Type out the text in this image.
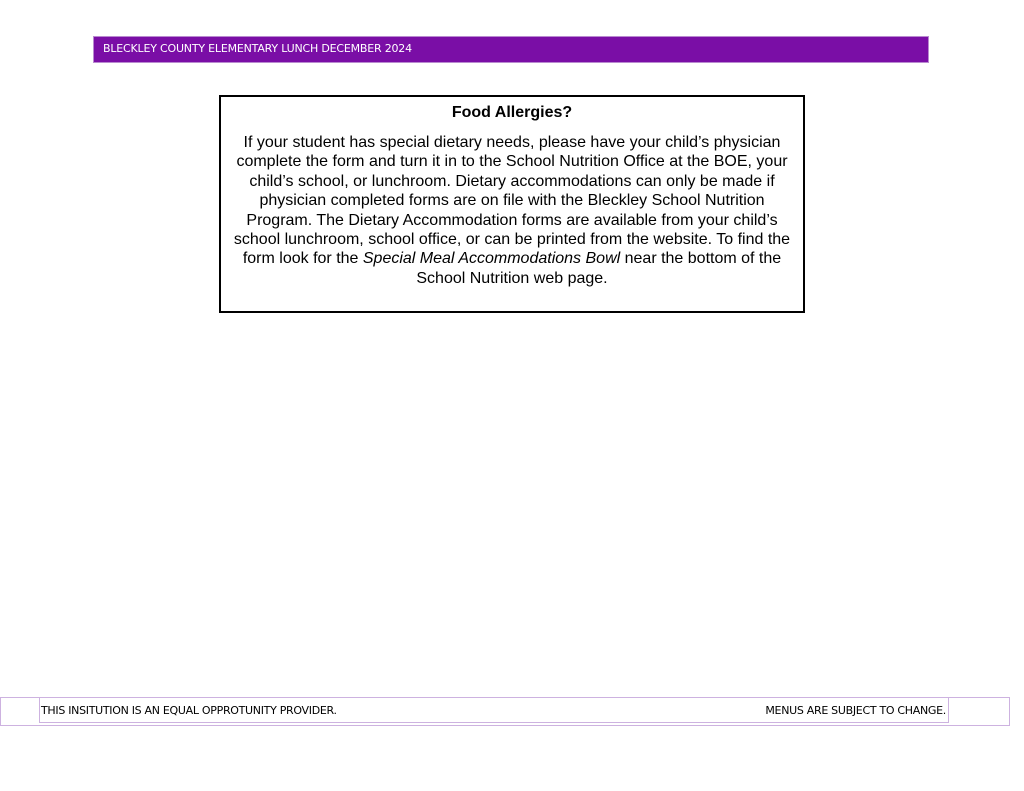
BLECKLEY COUNTY ELEMENTARY LUNCH DECEMBER 2024
Food Allergies?

If your student has special dietary needs, please have your child’s physician complete the form and turn it in to the School Nutrition Office at the BOE, your child’s school, or lunchroom. Dietary accommodations can only be made if physician completed forms are on file with the Bleckley School Nutrition Program. The Dietary Accommodation forms are available from your child’s school lunchroom, school office, or can be printed from the website. To find the form look for the Special Meal Accommodations Bowl near the bottom of the School Nutrition web page.

THIS INSITUTION IS AN EQUAL OPPROTUNITY PROVIDER.	MENUS ARE SUBJECT TO CHANGE.
